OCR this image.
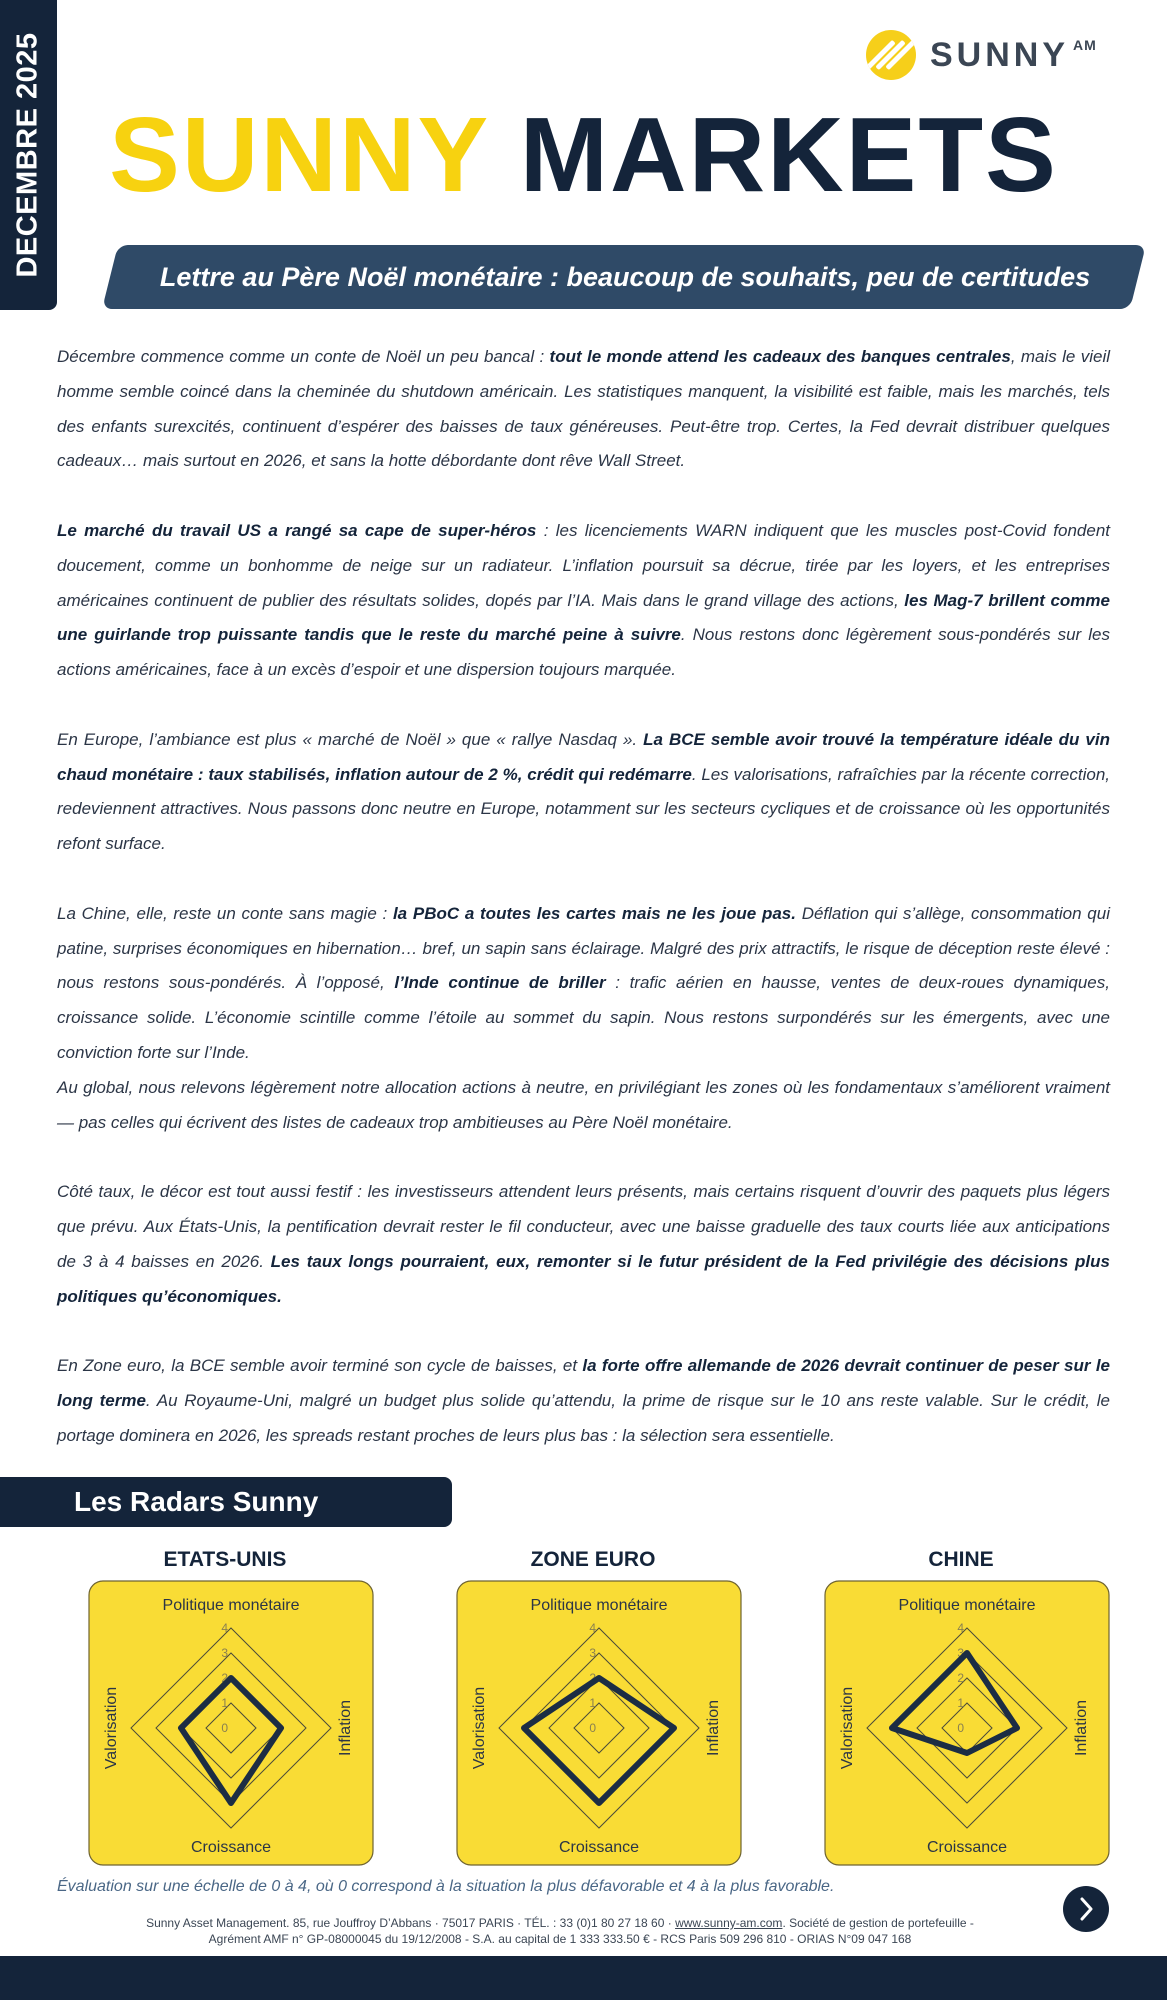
DECEMBRE 2025	SUNNY AM
SUNNY MARKETS
Lettre au Père Noël monétaire : beaucoup de souhaits, peu de certitudes

Décembre commence comme un conte de Noël un peu bancal : tout le monde attend les cadeaux des banques centrales, mais le vieil homme semble coincé dans la cheminée du shutdown américain. Les statistiques manquent, la visibilité est faible, mais les marchés, tels des enfants surexcités, continuent d’espérer des baisses de taux généreuses. Peut-être trop. Certes, la Fed devrait distribuer quelques cadeaux… mais surtout en 2026, et sans la hotte débordante dont rêve Wall Street.

Le marché du travail US a rangé sa cape de super-héros : les licenciements WARN indiquent que les muscles post-Covid fondent doucement, comme un bonhomme de neige sur un radiateur. L’inflation poursuit sa décrue, tirée par les loyers, et les entreprises américaines continuent de publier des résultats solides, dopés par l’IA. Mais dans le grand village des actions, les Mag-7 brillent comme une guirlande trop puissante tandis que le reste du marché peine à suivre. Nous restons donc légèrement sous-pondérés sur les actions américaines, face à un excès d’espoir et une dispersion toujours marquée.

En Europe, l’ambiance est plus « marché de Noël » que « rallye Nasdaq ». La BCE semble avoir trouvé la température idéale du vin chaud monétaire : taux stabilisés, inflation autour de 2 %, crédit qui redémarre. Les valorisations, rafraîchies par la récente correction, redeviennent attractives. Nous passons donc neutre en Europe, notamment sur les secteurs cycliques et de croissance où les opportunités refont surface.

La Chine, elle, reste un conte sans magie : la PBoC a toutes les cartes mais ne les joue pas. Déflation qui s’allège, consommation qui patine, surprises économiques en hibernation… bref, un sapin sans éclairage. Malgré des prix attractifs, le risque de déception reste élevé : nous restons sous-pondérés. À l’opposé, l’Inde continue de briller : trafic aérien en hausse, ventes de deux-roues dynamiques, croissance solide. L’économie scintille comme l’étoile au sommet du sapin. Nous restons surpondérés sur les émergents, avec une conviction forte sur l’Inde.

Au global, nous relevons légèrement notre allocation actions à neutre, en privilégiant les zones où les fondamentaux s’améliorent vraiment — pas celles qui écrivent des listes de cadeaux trop ambitieuses au Père Noël monétaire.

Côté taux, le décor est tout aussi festif : les investisseurs attendent leurs présents, mais certains risquent d’ouvrir des paquets plus légers que prévu. Aux États-Unis, la pentification devrait rester le fil conducteur, avec une baisse graduelle des taux courts liée aux anticipations de 3 à 4 baisses en 2026. Les taux longs pourraient, eux, remonter si le futur président de la Fed privilégie des décisions plus politiques qu’économiques.

En Zone euro, la BCE semble avoir terminé son cycle de baisses, et la forte offre allemande de 2026 devrait continuer de peser sur le long terme. Au Royaume-Uni, malgré un budget plus solide qu’attendu, la prime de risque sur le 10 ans reste valable. Sur le crédit, le portage dominera en 2026, les spreads restant proches de leurs plus bas : la sélection sera essentielle.

Les Radars Sunny
ETATS-UNIS
0
1
2
3
4
Politique monétaire
Croissance
Inflation
Valorisation
ZONE EURO
0
1
2
3
4
Politique monétaire
Croissance
Inflation
Valorisation
CHINE
0
1
2
3
4
Politique monétaire
Croissance
Inflation
Valorisation
Évaluation sur une échelle de 0 à 4, où 0 correspond à la situation la plus défavorable et 4 à la plus favorable.
Sunny Asset Management. 85, rue Jouffroy D’Abbans · 75017 PARIS · TÉL. : 33 (0)1 80 27 18 60 · www.sunny-am.com. Société de gestion de portefeuille -
Agrément AMF n° GP-08000045 du 19/12/2008 - S.A. au capital de 1 333 333.50 € - RCS Paris 509 296 810 - ORIAS N°09 047 168
